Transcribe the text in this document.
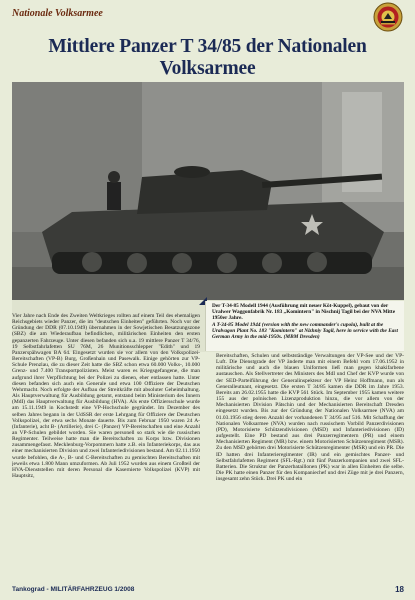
Nationale Volksarmee
Mittlere Panzer T 34/85 der Nationalen Volksarmee
Der T-34-85 Modell 1944 (Ausführung mit neuer Köt-Kuppel), gebaut von der Uralwer Waggonfabrik Nr. 183 „Komintern" in Nischnij Tagil bei der NVA Mitte 1950er Jahre.
A T-34-85 Model 1944 (version with the new commander's cupola), built at the Uralvagon Plant No. 183 "Komintern" at Nizhniy Tagil, here in service with the East German Army in the mid-1950s. (MBM Dresden)

Vier Jahre nach Ende des Zweiten Weltkrieges rollten auf einem Teil des ehemaligen Reichsgebiets wieder Panzer, die im "deutschen Einheiten" geführten. Noch vor der Gründung der DDR (07.10.1949) übernahmen in der Sowjetischen Besatzungszone (SBZ) die am Wiederaufbau befindlichen, militärischen Einheiten den ersten gepanzerten Fahrzeuge. Unter diesen befanden sich u.a. 19 mittlere Panzer T 34/76, 19 Selbstfahrlafetten SU 76M, 26 Munitionsschlepper "Edith" und 19 Panzerspähwagen BA 64. Eingesetzt wurden sie vor allem von den Volkspolizei-Bereitschaften (VP-B) Burg, Großenhain und Pasewalk. Einige gehörten zur VP-Schule Prenzlau, die zu dieser Zeit hatte die SBZ schon etwa 60.000 Volks-, 10.000 Grenz- und 7.400 Transportpolizisten. Meist waren es Kriegsgefangene, die man aufgrund ihrer Verpflichtung bei der Polizei zu dienen, eher entlassen hatte. Unter diesen befanden sich auch ein Generale und etwa 100 Offiziere der Deutschen Wehrmacht. Noch erfolgte der Aufbau der Streitkräfte mit absoluter Geheimhaltung. Als Hauptverwaltung für Ausbildung getarnt, entstand beim Ministerium des Innern (MdI) das Hauptverwaltung für Ausbildung (HVA). Als erste Offiziersschule wurde am 15.11.1949 in Kochstedt eine VP-Hochschule gegründet. Im Dezember des selben Jahres begann in der UdSSR der erste Lehrgang für Offiziere der Deutschen Volkspolizei, der etwa sechs Monate dauerte. Bis zum Februar 1950 waren 24 A- (Infanterie), acht B- (Artillerie), drei C- (Panzer) VP-Bereitschaften und eine Anzahl an VP-Schulen gebildet worden. Sie waren personell so stark wie die russischen Regimenter. Teilweise hatte man die Bereitschaften zu Korps bzw. Divisionen zusammengefasst. Mecklenburg-Vorpommern hatte z.B. ein Infanteriekorps, das aus einer mechanisierten Division und zwei Infanteriedivisionen bestand. Am 02.11.1950 wurde befohlen, die A-, B- und C-Bereitschaften zu gemischten Bereitschaften mit jeweils etwa 1.800 Mann umzuformen. Ab Juli 1952 wurden aus einem Großteil der HVA-Dienststellen mit deren Personal die Kasernierte Volkspolizei (KVP) mit Hauptsitz,

Bereitschaften, Schulen und selbstständige Verwaltungen der VP-See und der VP-Luft. Die Dienstgrade der VP änderte man mit einem Befehl vom 17.06.1952 in militärische und auch die blauen Uniformen ließ man gegen khakifarbene austauschen. Als Stellvertreter des Ministers des MdI und Chef der KVP wurde von der SED-Parteiführung der Generalinspekteur der VP Heinz Hoffmann, nun als Generalleutnant, eingesetzt. Die ersten T 34/85 kamen die DDR im Jahre 1953. Bereits am 26.02.1955 hatte die KVP 561 Stück. Im September 1955 kamen weitere 155 aus der polnischen Lizenzproduktion hinzu, die vor allem von der Mechanisierten Division Pätschin und der Mechanisierten Bereitschaft Dresden eingesetzt wurden. Bis zur der Gründung der Nationalen Volksarmee (NVA) am 01.03.1956 stieg deren Anzahl der vorhandenen T 34/95 auf 516. Mit Schaffung der Nationalen Volksarmee (NVA) wurden nach russischem Vorbild Panzerdivisionen (PD), Motorisierte Schützendivisionen (MSD) und Infanteriedivisionen (ID) aufgestellt. Eine PD bestand aus drei Panzerregimentern (PR) und einem Mechanisierten Regiment (MR) bzw. einem Motorisierten Schützenregiment (MSR). Zu den MSD gehörten drei Motorisierte Schützenregimenter (MSR) und ein PR. Die ID hatten drei Infanterieregimenter (IR) und ein gemischtes Panzer- und Selbstfahrlafetten Regiment (SFL-Rgt.) mit fünf Panzerkompanien und zwei SFL-Batterien. Die Struktur der Panzerbataillonen (PK) war in allen Einheiten die selbe. Die PK hatte einen Panzer für den Kompaniechef und drei Züge mit je drei Panzern, insgesamt zehn Stück. Drei PK und ein

Tankograd - MILITÄRFAHRZEUG 1/2008	18
